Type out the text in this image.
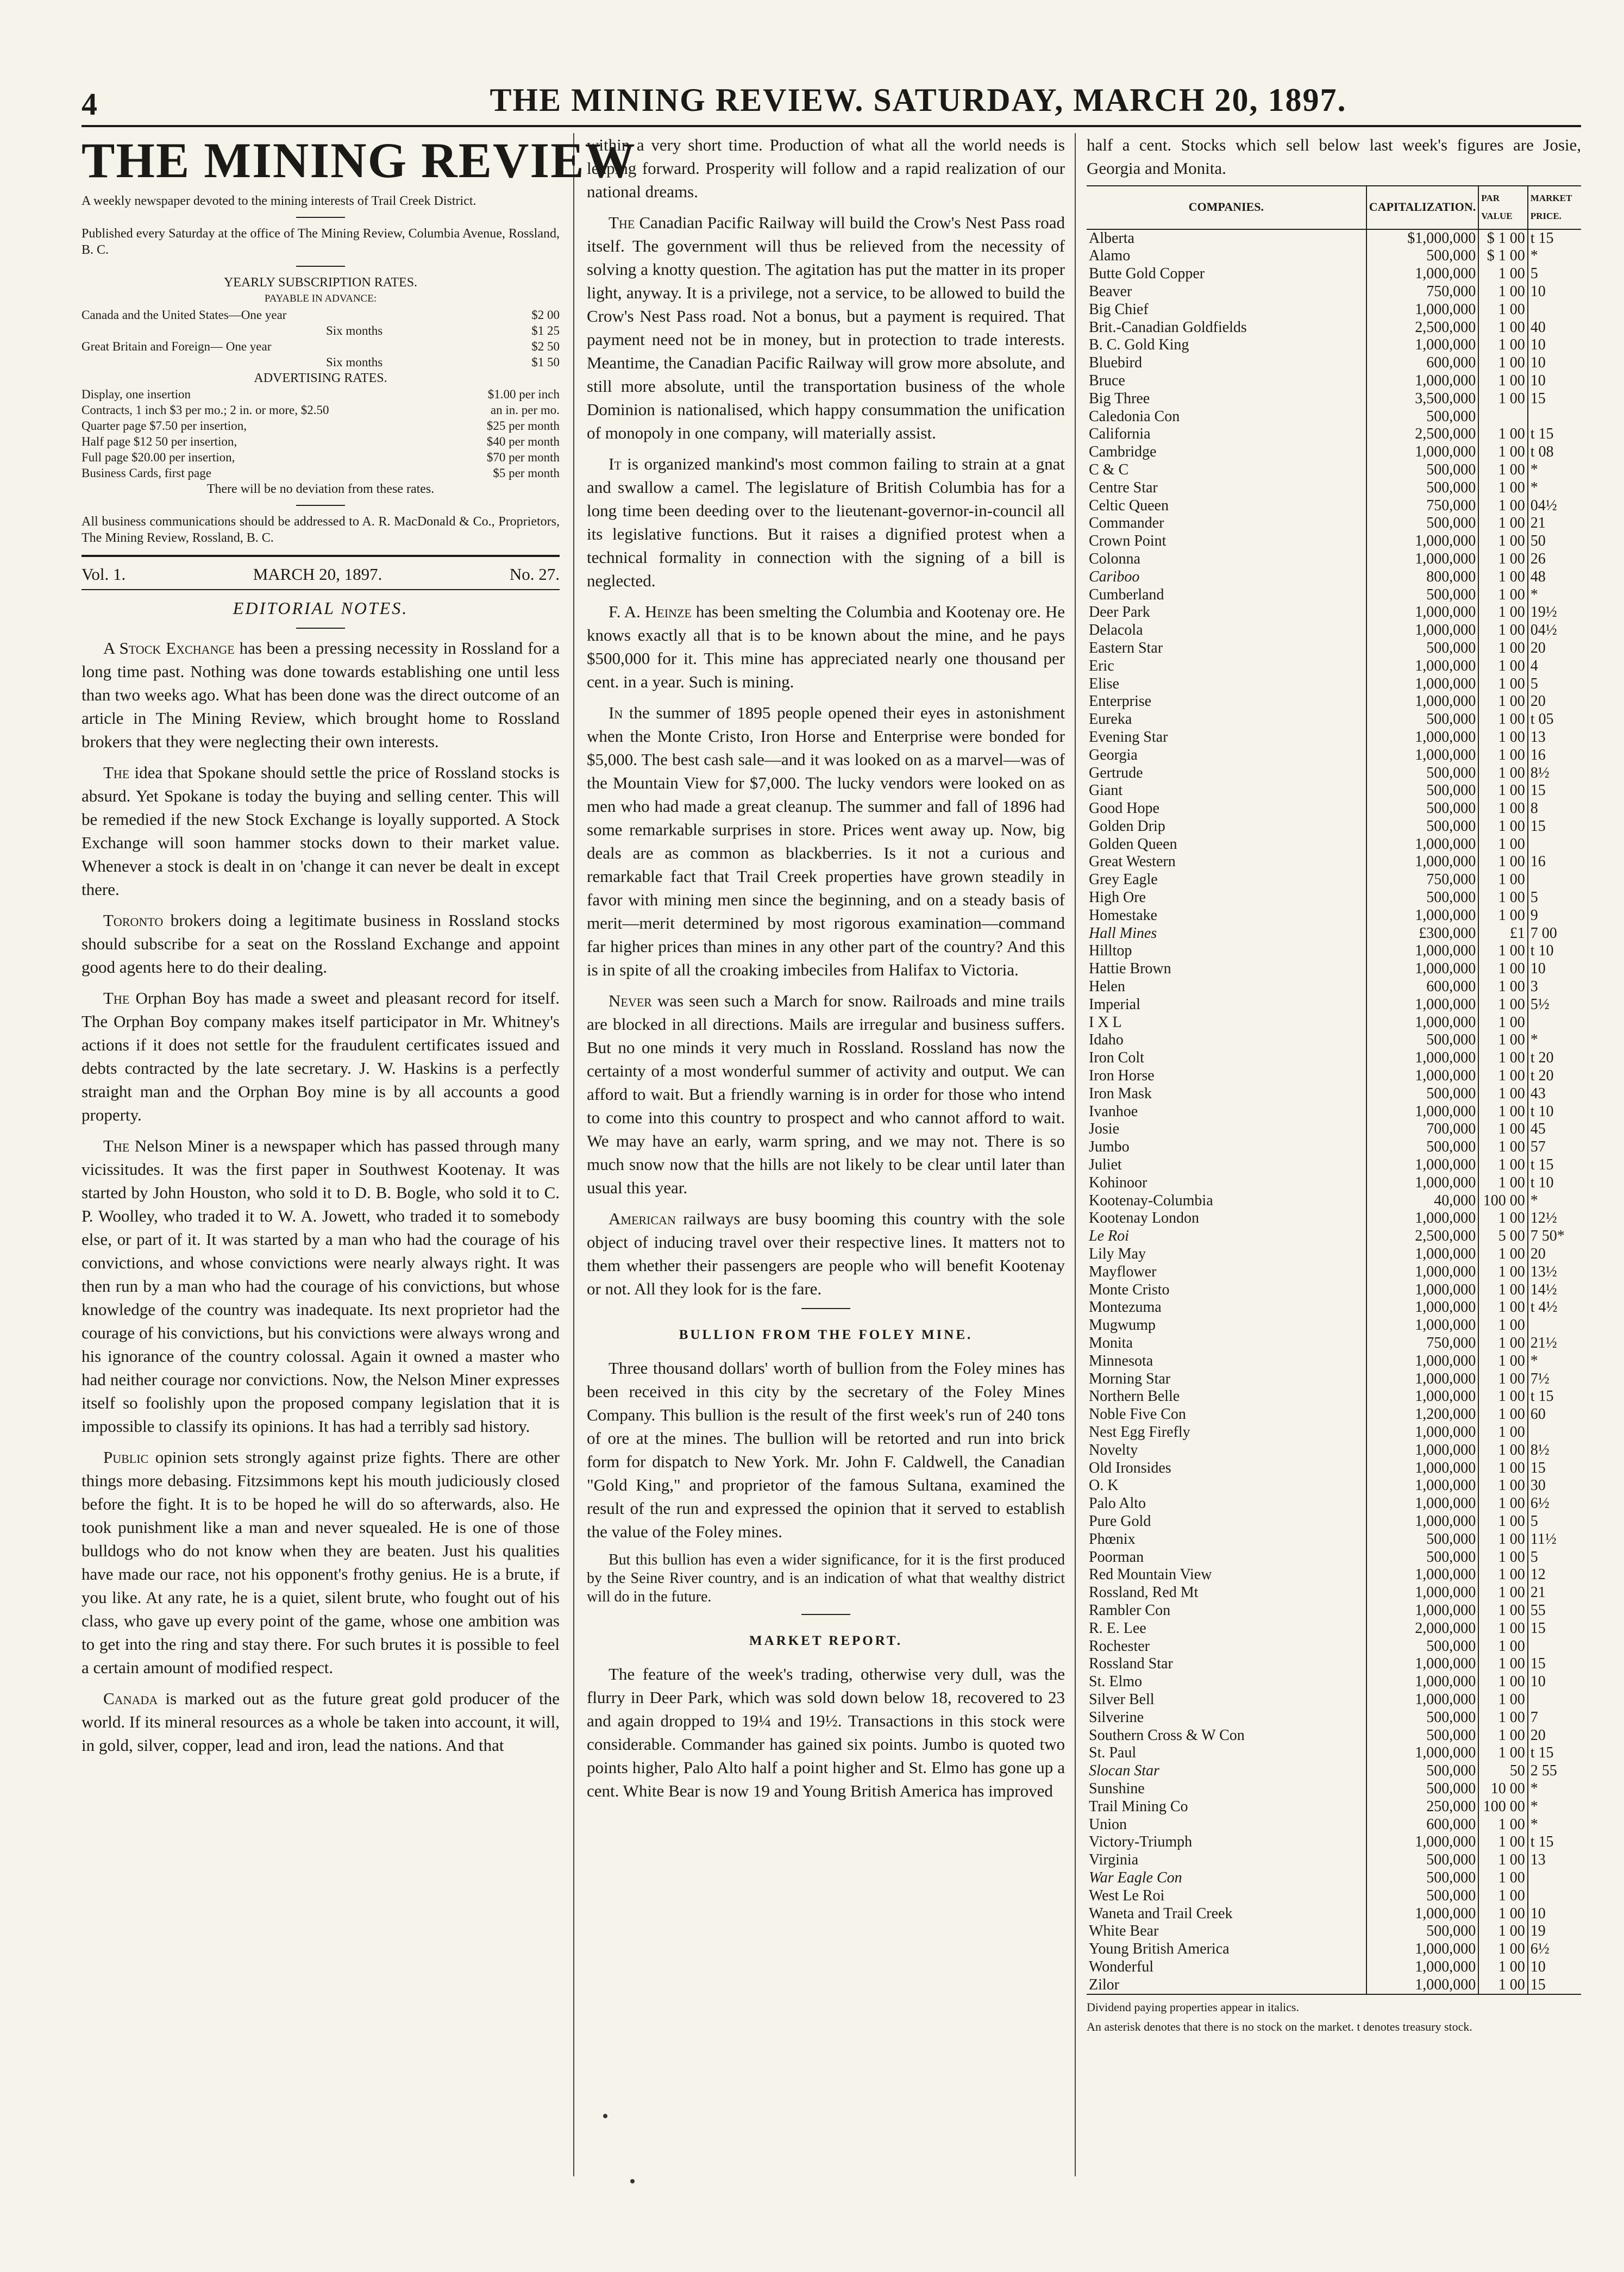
4	THE MINING REVIEW. SATURDAY, MARCH 20, 1897.
THE MINING REVIEW
A weekly newspaper devoted to the mining interests of Trail Creek District.
Published every Saturday at the office of The Mining Review, Columbia Avenue, Rossland, B. C.
YEARLY SUBSCRIPTION RATES.
PAYABLE IN ADVANCE:
Canada and the United States—One year	$2 00
Six months	$1 25
Great Britain and Foreign— One year	$2 50
Six months	$1 50
ADVERTISING RATES.
Display, one insertion	$1.00 per inch
Contracts, 1 inch $3 per mo.; 2 in. or more, $2.50	an in. per mo.
Quarter page $7.50 per insertion,	$25 per month
Half page $12 50 per insertion,	$40 per month
Full page $20.00 per insertion,	$70 per month
Business Cards, first page	$5 per month
There will be no deviation from these rates.
All business communications should be addressed to A. R. MacDonald & Co., Proprietors, The Mining Review, Rossland, B. C.
Vol. 1.	MARCH 20, 1897.	No. 27.
EDITORIAL NOTES.

A Stock Exchange has been a pressing necessity in Rossland for a long time past. Nothing was done towards establishing one until less than two weeks ago. What has been done was the direct outcome of an article in The Mining Review, which brought home to Rossland brokers that they were neglecting their own interests.

The idea that Spokane should settle the price of Rossland stocks is absurd. Yet Spokane is today the buying and selling center. This will be remedied if the new Stock Exchange is loyally supported. A Stock Exchange will soon hammer stocks down to their market value. Whenever a stock is dealt in on 'change it can never be dealt in except there.

Toronto brokers doing a legitimate business in Rossland stocks should subscribe for a seat on the Rossland Exchange and appoint good agents here to do their dealing.

The Orphan Boy has made a sweet and pleasant record for itself. The Orphan Boy company makes itself participator in Mr. Whitney's actions if it does not settle for the fraudulent certificates issued and debts contracted by the late secretary. J. W. Haskins is a perfectly straight man and the Orphan Boy mine is by all accounts a good property.

The Nelson Miner is a newspaper which has passed through many vicissitudes. It was the first paper in Southwest Kootenay. It was started by John Houston, who sold it to D. B. Bogle, who sold it to C. P. Woolley, who traded it to W. A. Jowett, who traded it to somebody else, or part of it. It was started by a man who had the courage of his convictions, and whose convictions were nearly always right. It was then run by a man who had the courage of his convictions, but whose knowledge of the country was inadequate. Its next proprietor had the courage of his convictions, but his convictions were always wrong and his ignorance of the country colossal. Again it owned a master who had neither courage nor convictions. Now, the Nelson Miner expresses itself so foolishly upon the proposed company legislation that it is impossible to classify its opinions. It has had a terribly sad history.

Public opinion sets strongly against prize fights. There are other things more debasing. Fitzsimmons kept his mouth judiciously closed before the fight. It is to be hoped he will do so afterwards, also. He took punishment like a man and never squealed. He is one of those bulldogs who do not know when they are beaten. Just his qualities have made our race, not his opponent's frothy genius. He is a brute, if you like. At any rate, he is a quiet, silent brute, who fought out of his class, who gave up every point of the game, whose one ambition was to get into the ring and stay there. For such brutes it is possible to feel a certain amount of modified respect.

Canada is marked out as the future great gold producer of the world. If its mineral resources as a whole be taken into account, it will, in gold, silver, copper, lead and iron, lead the nations. And that

within a very short time. Production of what all the world needs is leaping forward. Prosperity will follow and a rapid realization of our national dreams.

The Canadian Pacific Railway will build the Crow's Nest Pass road itself. The government will thus be relieved from the necessity of solving a knotty question. The agitation has put the matter in its proper light, anyway. It is a privilege, not a service, to be allowed to build the Crow's Nest Pass road. Not a bonus, but a payment is required. That payment need not be in money, but in protection to trade interests. Meantime, the Canadian Pacific Railway will grow more absolute, and still more absolute, until the transportation business of the whole Dominion is nationalised, which happy consummation the unification of monopoly in one company, will materially assist.

It is organized mankind's most common failing to strain at a gnat and swallow a camel. The legislature of British Columbia has for a long time been deeding over to the lieutenant-governor-in-council all its legislative functions. But it raises a dignified protest when a technical formality in connection with the signing of a bill is neglected.

F. A. Heinze has been smelting the Columbia and Kootenay ore. He knows exactly all that is to be known about the mine, and he pays $500,000 for it. This mine has appreciated nearly one thousand per cent. in a year. Such is mining.

In the summer of 1895 people opened their eyes in astonishment when the Monte Cristo, Iron Horse and Enterprise were bonded for $5,000. The best cash sale—and it was looked on as a marvel—was of the Mountain View for $7,000. The lucky vendors were looked on as men who had made a great cleanup. The summer and fall of 1896 had some remarkable surprises in store. Prices went away up. Now, big deals are as common as blackberries. Is it not a curious and remarkable fact that Trail Creek properties have grown steadily in favor with mining men since the beginning, and on a steady basis of merit—merit determined by most rigorous examination—command far higher prices than mines in any other part of the country? And this is in spite of all the croaking imbeciles from Halifax to Victoria.

Never was seen such a March for snow. Railroads and mine trails are blocked in all directions. Mails are irregular and business suffers. But no one minds it very much in Rossland. Rossland has now the certainty of a most wonderful summer of activity and output. We can afford to wait. But a friendly warning is in order for those who intend to come into this country to prospect and who cannot afford to wait. We may have an early, warm spring, and we may not. There is so much snow now that the hills are not likely to be clear until later than usual this year.

American railways are busy booming this country with the sole object of inducing travel over their respective lines. It matters not to them whether their passengers are people who will benefit Kootenay or not. All they look for is the fare.

BULLION FROM THE FOLEY MINE.

Three thousand dollars' worth of bullion from the Foley mines has been received in this city by the secretary of the Foley Mines Company. This bullion is the result of the first week's run of 240 tons of ore at the mines. The bullion will be retorted and run into brick form for dispatch to New York. Mr. John F. Caldwell, the Canadian "Gold King," and proprietor of the famous Sultana, examined the result of the run and expressed the opinion that it served to establish the value of the Foley mines.

But this bullion has even a wider significance, for it is the first produced by the Seine River country, and is an indication of what that wealthy district will do in the future.

MARKET REPORT.

The feature of the week's trading, otherwise very dull, was the flurry in Deer Park, which was sold down below 18, recovered to 23 and again dropped to 19¼ and 19½. Transactions in this stock were considerable. Commander has gained six points. Jumbo is quoted two points higher, Palo Alto half a point higher and St. Elmo has gone up a cent. White Bear is now 19 and Young British America has improved

half a cent. Stocks which sell below last week's figures are Josie, Georgia and Monita.

COMPANIES.	CAPITALIZATION.	PAR VALUE	MARKET PRICE.
Alberta	$1,000,000	$ 1 00	t 15
Alamo	500,000	$ 1 00	*
Butte Gold Copper	1,000,000	1 00	5
Beaver	750,000	1 00	10
Big Chief	1,000,000	1 00	
Brit.-Canadian Goldfields	2,500,000	1 00	40
B. C. Gold King	1,000,000	1 00	10
Bluebird	600,000	1 00	10
Bruce	1,000,000	1 00	10
Big Three	3,500,000	1 00	15
Caledonia Con	500,000		
California	2,500,000	1 00	t 15
Cambridge	1,000,000	1 00	t 08
C & C	500,000	1 00	*
Centre Star	500,000	1 00	*
Celtic Queen	750,000	1 00	04½
Commander	500,000	1 00	21
Crown Point	1,000,000	1 00	50
Colonna	1,000,000	1 00	26
Cariboo	800,000	1 00	48
Cumberland	500,000	1 00	*
Deer Park	1,000,000	1 00	19½
Delacola	1,000,000	1 00	04½
Eastern Star	500,000	1 00	20
Eric	1,000,000	1 00	4
Elise	1,000,000	1 00	5
Enterprise	1,000,000	1 00	20
Eureka	500,000	1 00	t 05
Evening Star	1,000,000	1 00	13
Georgia	1,000,000	1 00	16
Gertrude	500,000	1 00	8½
Giant	500,000	1 00	15
Good Hope	500,000	1 00	8
Golden Drip	500,000	1 00	15
Golden Queen	1,000,000	1 00	
Great Western	1,000,000	1 00	16
Grey Eagle	750,000	1 00	
High Ore	500,000	1 00	5
Homestake	1,000,000	1 00	9
Hall Mines	£300,000	£1	7 00
Hilltop	1,000,000	1 00	t 10
Hattie Brown	1,000,000	1 00	10
Helen	600,000	1 00	3
Imperial	1,000,000	1 00	5½
I X L	1,000,000	1 00	
Idaho	500,000	1 00	*
Iron Colt	1,000,000	1 00	t 20
Iron Horse	1,000,000	1 00	t 20
Iron Mask	500,000	1 00	43
Ivanhoe	1,000,000	1 00	t 10
Josie	700,000	1 00	45
Jumbo	500,000	1 00	57
Juliet	1,000,000	1 00	t 15
Kohinoor	1,000,000	1 00	t 10
Kootenay-Columbia	40,000	100 00	*
Kootenay London	1,000,000	1 00	12½
Le Roi	2,500,000	5 00	7 50*
Lily May	1,000,000	1 00	20
Mayflower	1,000,000	1 00	13½
Monte Cristo	1,000,000	1 00	14½
Montezuma	1,000,000	1 00	t 4½
Mugwump	1,000,000	1 00	
Monita	750,000	1 00	21½
Minnesota	1,000,000	1 00	*
Morning Star	1,000,000	1 00	7½
Northern Belle	1,000,000	1 00	t 15
Noble Five Con	1,200,000	1 00	60
Nest Egg Firefly	1,000,000	1 00	
Novelty	1,000,000	1 00	8½
Old Ironsides	1,000,000	1 00	15
O. K	1,000,000	1 00	30
Palo Alto	1,000,000	1 00	6½
Pure Gold	1,000,000	1 00	5
Phœnix	500,000	1 00	11½
Poorman	500,000	1 00	5
Red Mountain View	1,000,000	1 00	12
Rossland, Red Mt	1,000,000	1 00	21
Rambler Con	1,000,000	1 00	55
R. E. Lee	2,000,000	1 00	15
Rochester	500,000	1 00	
Rossland Star	1,000,000	1 00	15
St. Elmo	1,000,000	1 00	10
Silver Bell	1,000,000	1 00	
Silverine	500,000	1 00	7
Southern Cross & W Con	500,000	1 00	20
St. Paul	1,000,000	1 00	t 15
Slocan Star	500,000	50	2 55
Sunshine	500,000	10 00	*
Trail Mining Co	250,000	100 00	*
Union	600,000	1 00	*
Victory-Triumph	1,000,000	1 00	t 15
Virginia	500,000	1 00	13
War Eagle Con	500,000	1 00	
West Le Roi	500,000	1 00	
Waneta and Trail Creek	1,000,000	1 00	10
White Bear	500,000	1 00	19
Young British America	1,000,000	1 00	6½
Wonderful	1,000,000	1 00	10
Zilor	1,000,000	1 00	15
Dividend paying properties appear in italics.
An asterisk denotes that there is no stock on the market. t denotes treasury stock.
